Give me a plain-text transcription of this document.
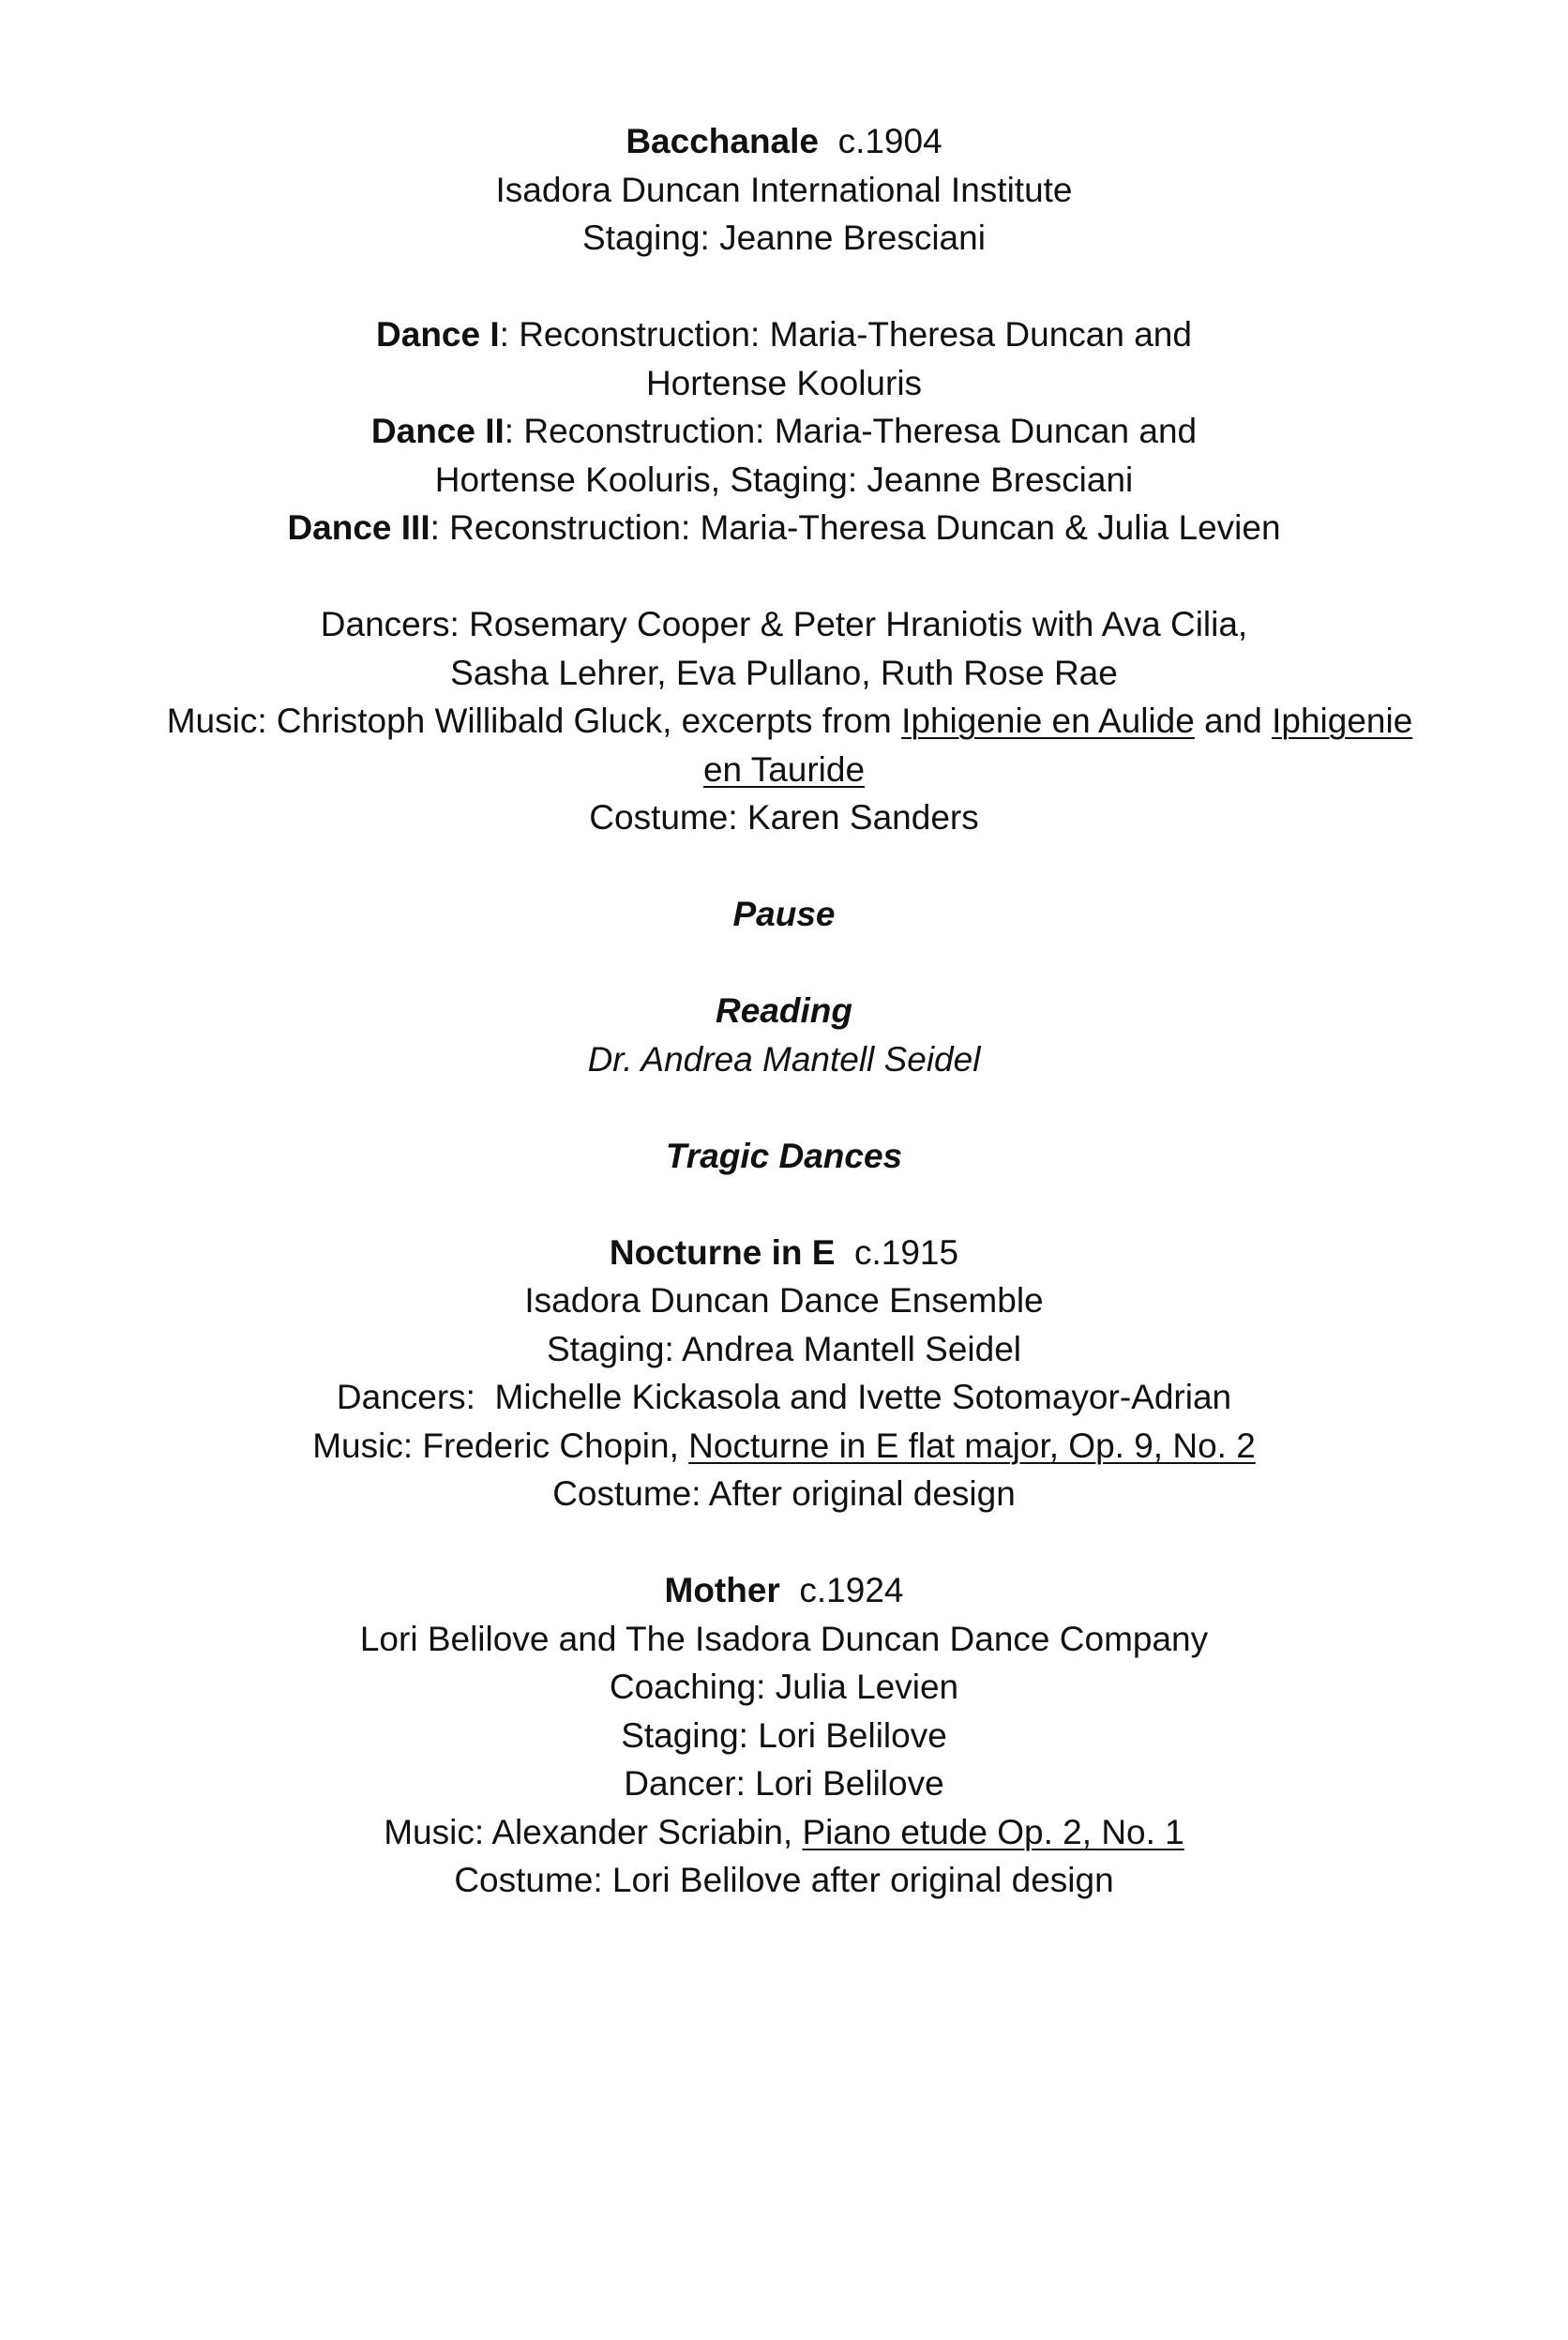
Bacchanale c.1904
Isadora Duncan International Institute
Staging: Jeanne Bresciani
Dance I: Reconstruction: Maria-Theresa Duncan and
Hortense Kooluris
Dance II: Reconstruction: Maria-Theresa Duncan and
Hortense Kooluris, Staging: Jeanne Bresciani
Dance III: Reconstruction: Maria-Theresa Duncan & Julia Levien
Dancers: Rosemary Cooper & Peter Hraniotis with Ava Cilia,
Sasha Lehrer, Eva Pullano, Ruth Rose Rae
Music: Christoph Willibald Gluck, excerpts from Iphigenie en Aulide and Iphigenie
en Tauride
Costume: Karen Sanders
Pause
Reading
Dr. Andrea Mantell Seidel
Tragic Dances
Nocturne in E c.1915
Isadora Duncan Dance Ensemble
Staging: Andrea Mantell Seidel
Dancers:  Michelle Kickasola and Ivette Sotomayor-Adrian
Music: Frederic Chopin, Nocturne in E flat major, Op. 9, No. 2
Costume: After original design
Mother c.1924
Lori Belilove and The Isadora Duncan Dance Company
Coaching: Julia Levien
Staging: Lori Belilove
Dancer: Lori Belilove
Music: Alexander Scriabin, Piano etude Op. 2, No. 1
Costume: Lori Belilove after original design
